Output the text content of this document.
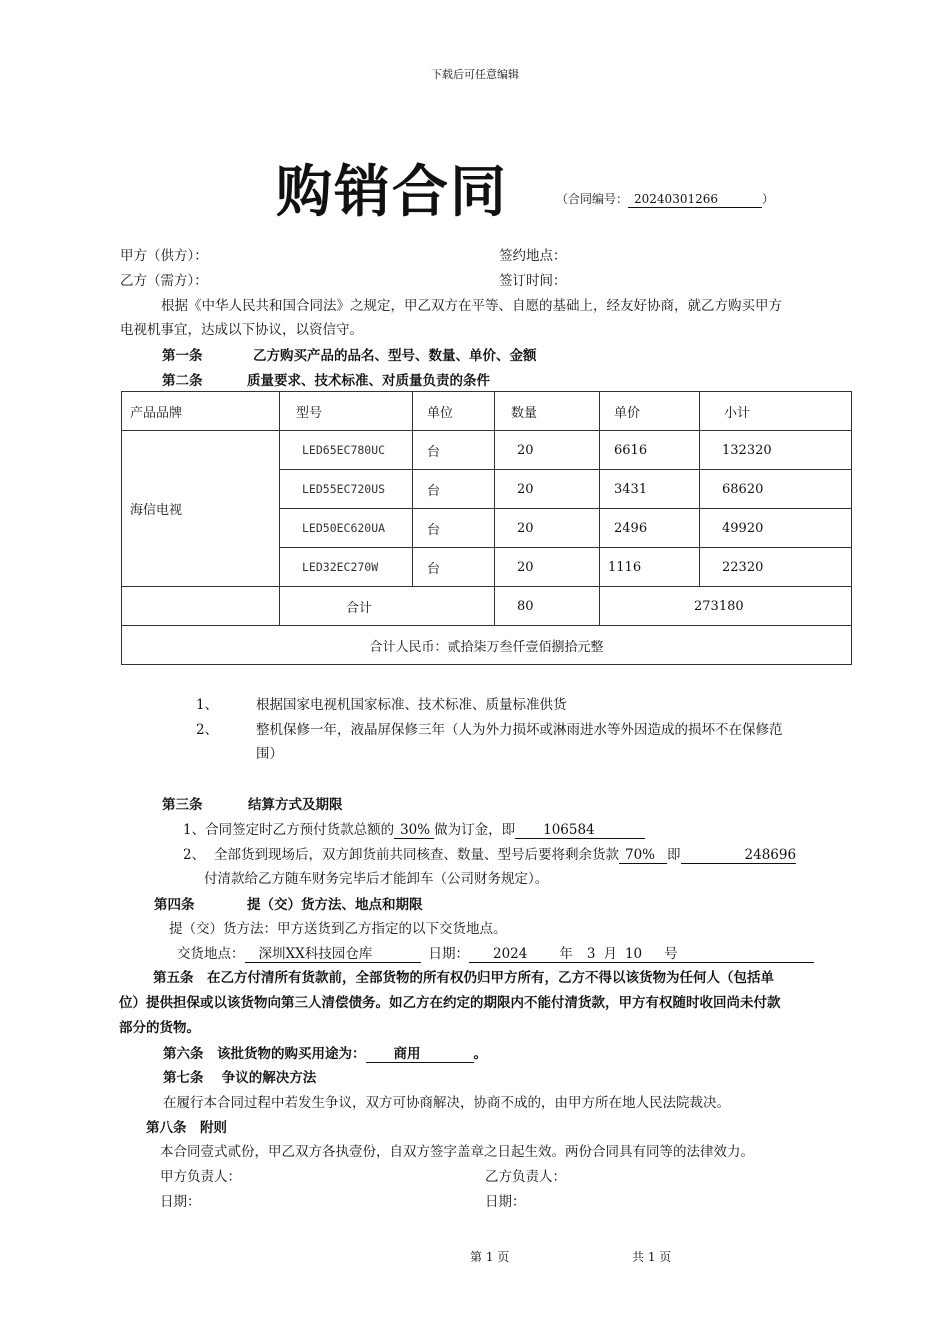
下载后可任意编辑
购销合同	（合同编号： 20240301266	）
甲方（供方）：	签约地点：
乙方（需方）：	签订时间：
根据《中华人民共和国合同法》之规定，甲乙双方在平等、自愿的基础上，经友好协商，就乙方购买甲方
电视机事宜，达成以下协议，以资信守。
第一条	乙方购买产品的品名、型号、数量、单价、金额
第二条	质量要求、技术标准、对质量负责的条件
产品品牌	型号	单位	数量	单价	小计
海信电视	LED65EC780UC	台	20	6616	132320
	LED55EC720US	台	20	3431	68620
	LED50EC620UA	台	20	2496	49920
	LED32EC270W	台	20	1116	22320
	合计		80	273180	
合计人民币：贰拾柒万叁仟壹佰捌拾元整					
1、	根据国家电视机国家标准、技术标准、质量标准供货
2、	整机保修一年，液晶屏保修三年（人为外力损坏或淋雨进水等外因造成的损坏不在保修范
围）
第三条	结算方式及期限
1、合同签定时乙方预付货款总额的 30% 做为订金，即 106584
2、 全部货到现场后，双方卸货前共同核查、数量、型号后要将剩余货款 70% 即	248696
付清款给乙方随车财务完毕后才能卸车（公司财务规定）。
第四条	提（交）货方法、地点和期限
提（交）货方法：甲方送货到乙方指定的以下交货地点。
交货地点： 深圳XX科技园仓库	日期： 2024 年 3 月 10 号
第五条　在乙方付清所有货款前，全部货物的所有权仍归甲方所有，乙方不得以该货物为任何人（包括单
位）提供担保或以该货物向第三人清偿债务。如乙方在约定的期限内不能付清货款，甲方有权随时收回尚未付款
部分的货物。
第六条　该批货物的购买用途为： 商用	。
第七条　 争议的解决方法
在履行本合同过程中若发生争议，双方可协商解决，协商不成的，由甲方所在地人民法院裁决。
第八条　附则
本合同壹式贰份，甲乙双方各执壹份，自双方签字盖章之日起生效。两份合同具有同等的法律效力。
甲方负责人：	乙方负责人：
日期：	日期：
第 1 页	共 1 页
